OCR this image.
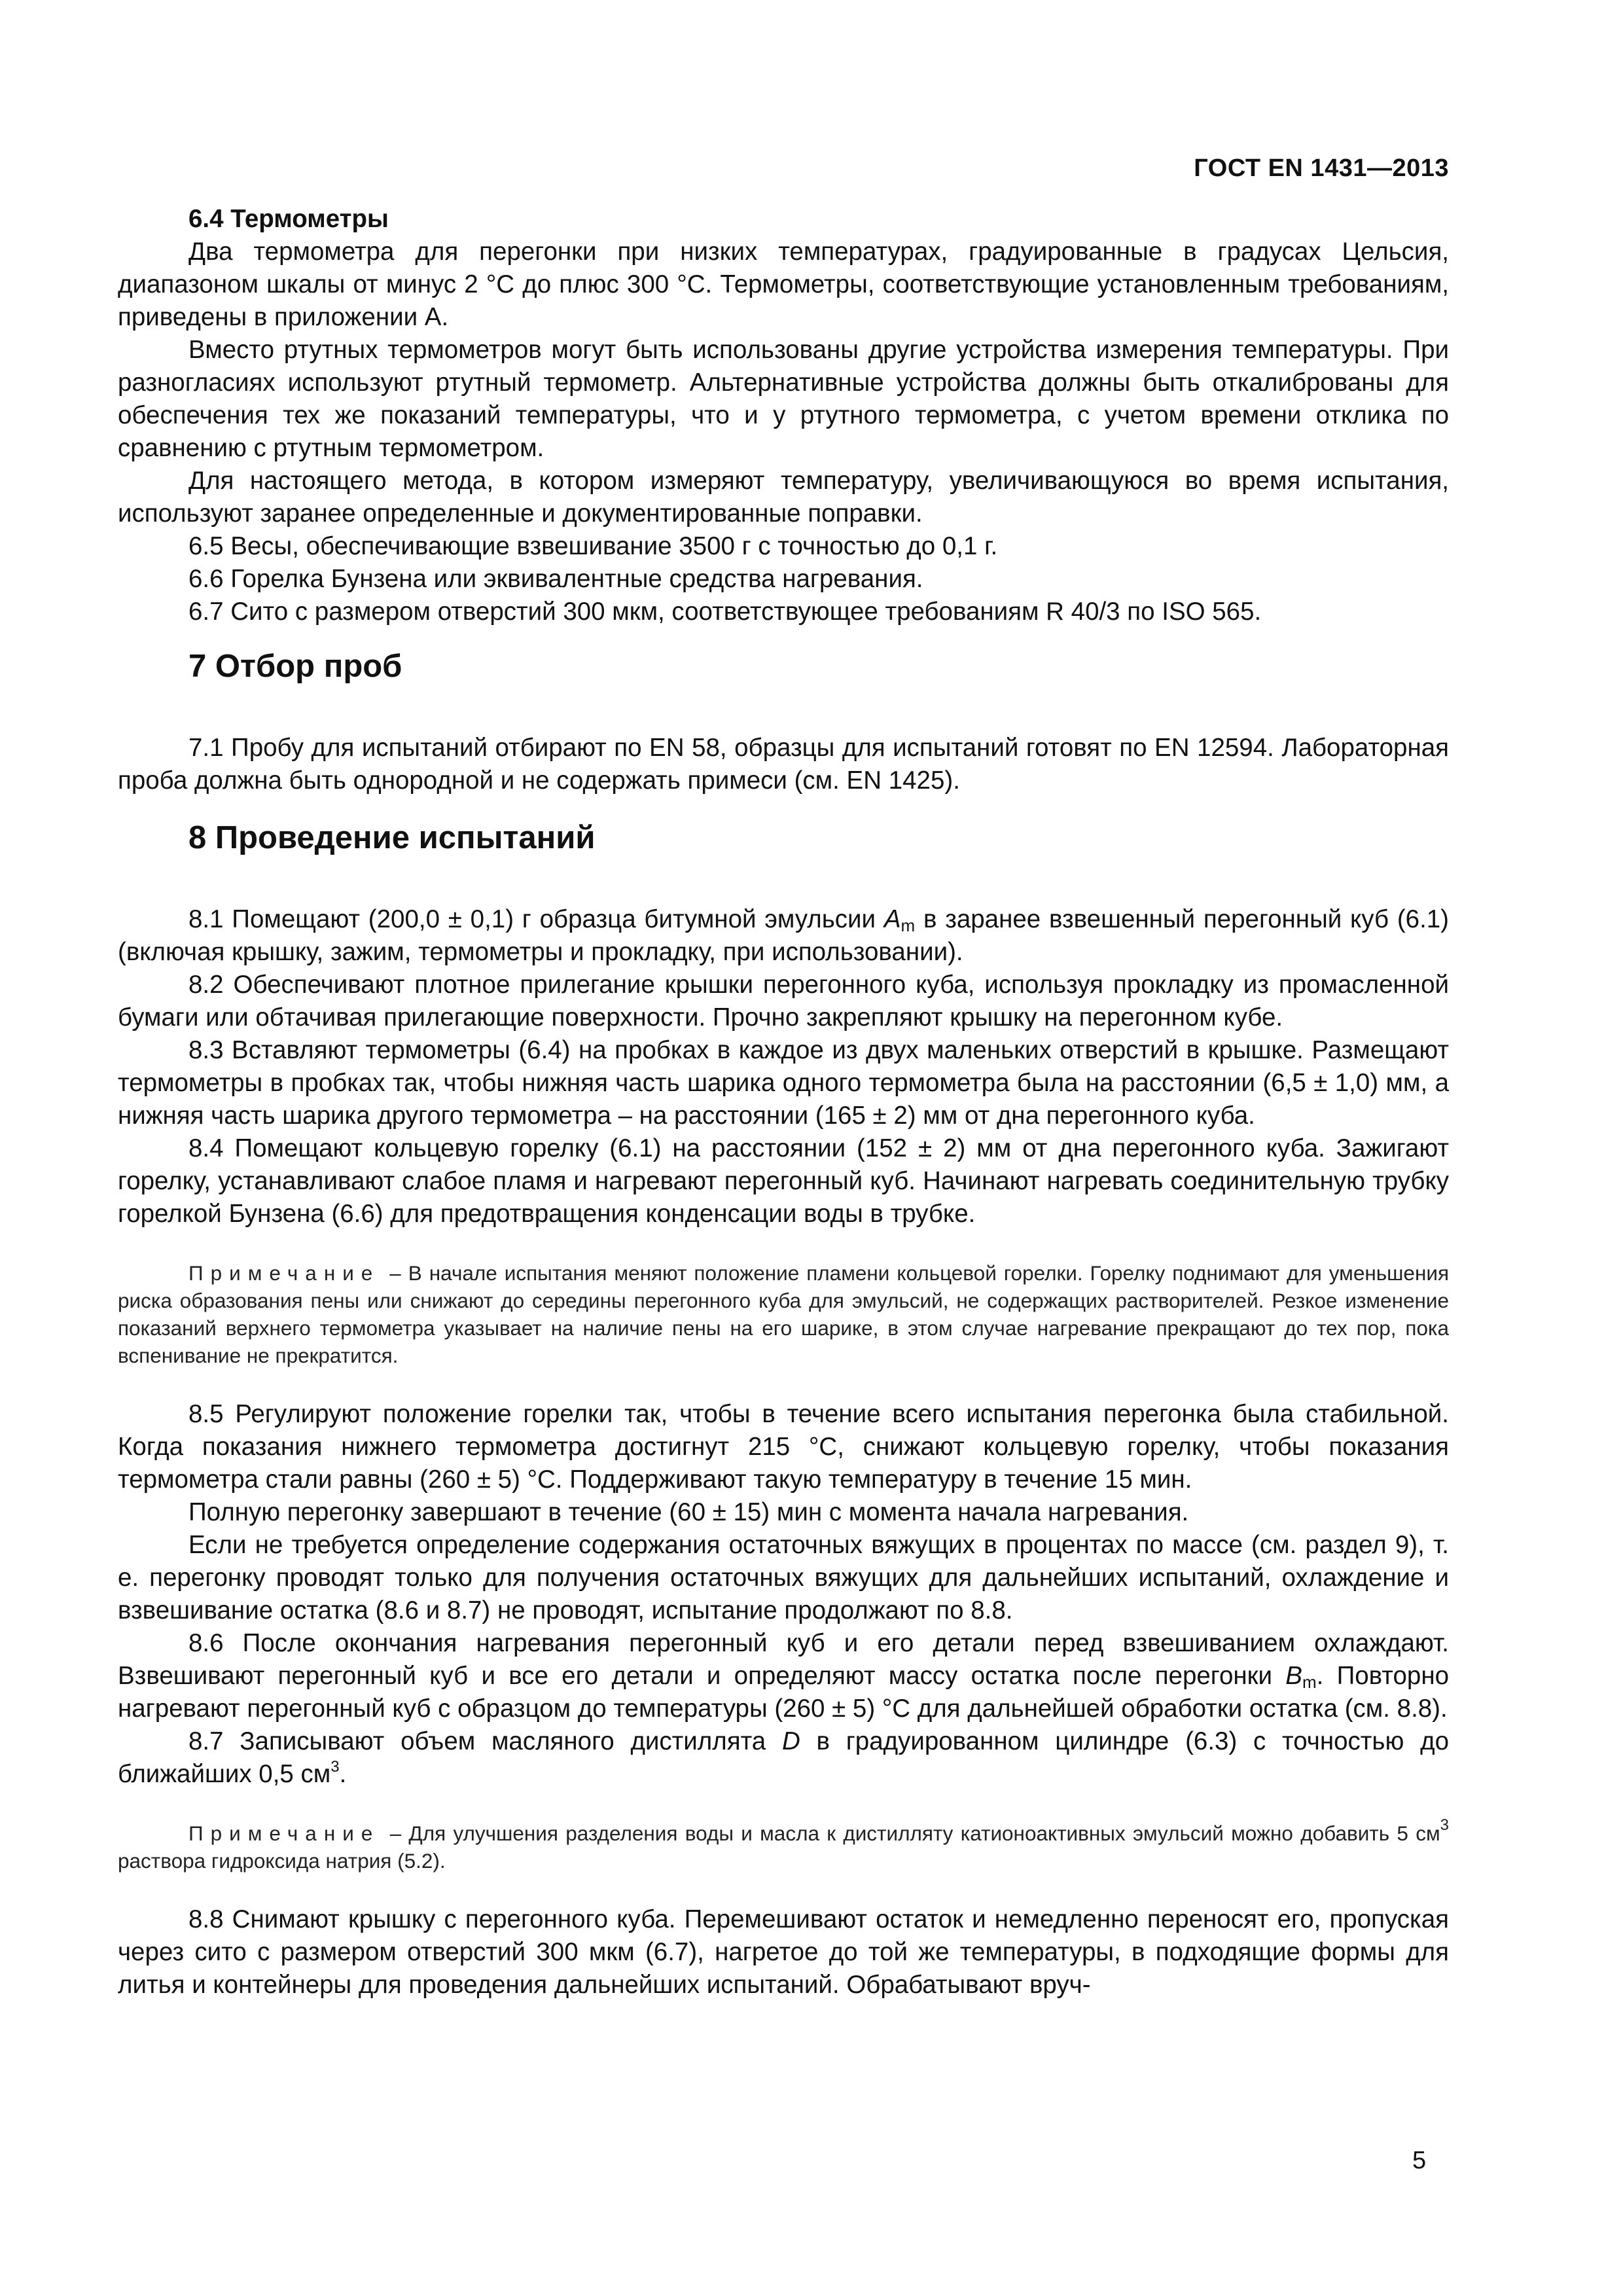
ГОСТ EN 1431—2013

6.4 Термометры

Два термометра для перегонки при низких температурах, градуированные в градусах Цельсия, диапазоном шкалы от минус 2 °С до плюс 300 °С. Термометры, соответствующие установленным требованиям, приведены в приложении А.

Вместо ртутных термометров могут быть использованы другие устройства измерения температуры. При разногласиях используют ртутный термометр. Альтернативные устройства должны быть откалиброваны для обеспечения тех же показаний температуры, что и у ртутного термометра, с учетом времени отклика по сравнению с ртутным термометром.

Для настоящего метода, в котором измеряют температуру, увеличивающуюся во время испытания, используют заранее определенные и документированные поправки.

6.5 Весы, обеспечивающие взвешивание 3500 г с точностью до 0,1 г.

6.6 Горелка Бунзена или эквивалентные средства нагревания.

6.7 Сито с размером отверстий 300 мкм, соответствующее требованиям R 40/3 по ISO 565.

7 Отбор проб

7.1 Пробу для испытаний отбирают по EN 58, образцы для испытаний готовят по EN 12594. Лабораторная проба должна быть однородной и не содержать примеси (см. EN 1425).

8 Проведение испытаний

8.1 Помещают (200,0 ± 0,1) г образца битумной эмульсии $A_m$ в заранее взвешенный перегонный куб (6.1) (включая крышку, зажим, термометры и прокладку, при использовании).

8.2 Обеспечивают плотное прилегание крышки перегонного куба, используя прокладку из промасленной бумаги или обтачивая прилегающие поверхности. Прочно закрепляют крышку на перегонном кубе.

8.3 Вставляют термометры (6.4) на пробках в каждое из двух маленьких отверстий в крышке. Размещают термометры в пробках так, чтобы нижняя часть шарика одного термометра была на расстоянии (6,5 ± 1,0) мм, а нижняя часть шарика другого термометра – на расстоянии (165 ± 2) мм от дна перегонного куба.

8.4 Помещают кольцевую горелку (6.1) на расстоянии (152 ± 2) мм от дна перегонного куба. Зажигают горелку, устанавливают слабое пламя и нагревают перегонный куб. Начинают нагревать соединительную трубку горелкой Бунзена (6.6) для предотвращения конденсации воды в трубке.

Примечание – В начале испытания меняют положение пламени кольцевой горелки. Горелку поднимают для уменьшения риска образования пены или снижают до середины перегонного куба для эмульсий, не содержащих растворителей. Резкое изменение показаний верхнего термометра указывает на наличие пены на его шарике, в этом случае нагревание прекращают до тех пор, пока вспенивание не прекратится.

8.5 Регулируют положение горелки так, чтобы в течение всего испытания перегонка была стабильной. Когда показания нижнего термометра достигнут 215 °С, снижают кольцевую горелку, чтобы показания термометра стали равны (260 ± 5) °С. Поддерживают такую температуру в течение 15 мин.

Полную перегонку завершают в течение (60 ± 15) мин с момента начала нагревания.

Если не требуется определение содержания остаточных вяжущих в процентах по массе (см. раздел 9), т. е. перегонку проводят только для получения остаточных вяжущих для дальнейших испытаний, охлаждение и взвешивание остатка (8.6 и 8.7) не проводят, испытание продолжают по 8.8.

8.6 После окончания нагревания перегонный куб и его детали перед взвешиванием охлаждают. Взвешивают перегонный куб и все его детали и определяют массу остатка после перегонки $B_m$. Повторно нагревают перегонный куб с образцом до температуры (260 ± 5) °С для дальнейшей обработки остатка (см. 8.8).

8.7 Записывают объем масляного дистиллята D в градуированном цилиндре (6.3) с точностью до ближайших 0,5 $см^3$.

Примечание – Для улучшения разделения воды и масла к дистилляту катионоактивных эмульсий можно добавить 5 $см^3$ раствора гидроксида натрия (5.2).

8.8 Снимают крышку с перегонного куба. Перемешивают остаток и немедленно переносят его, пропуская через сито с размером отверстий 300 мкм (6.7), нагретое до той же температуры, в подходящие формы для литья и контейнеры для проведения дальнейших испытаний. Обрабатывают вруч-

5
